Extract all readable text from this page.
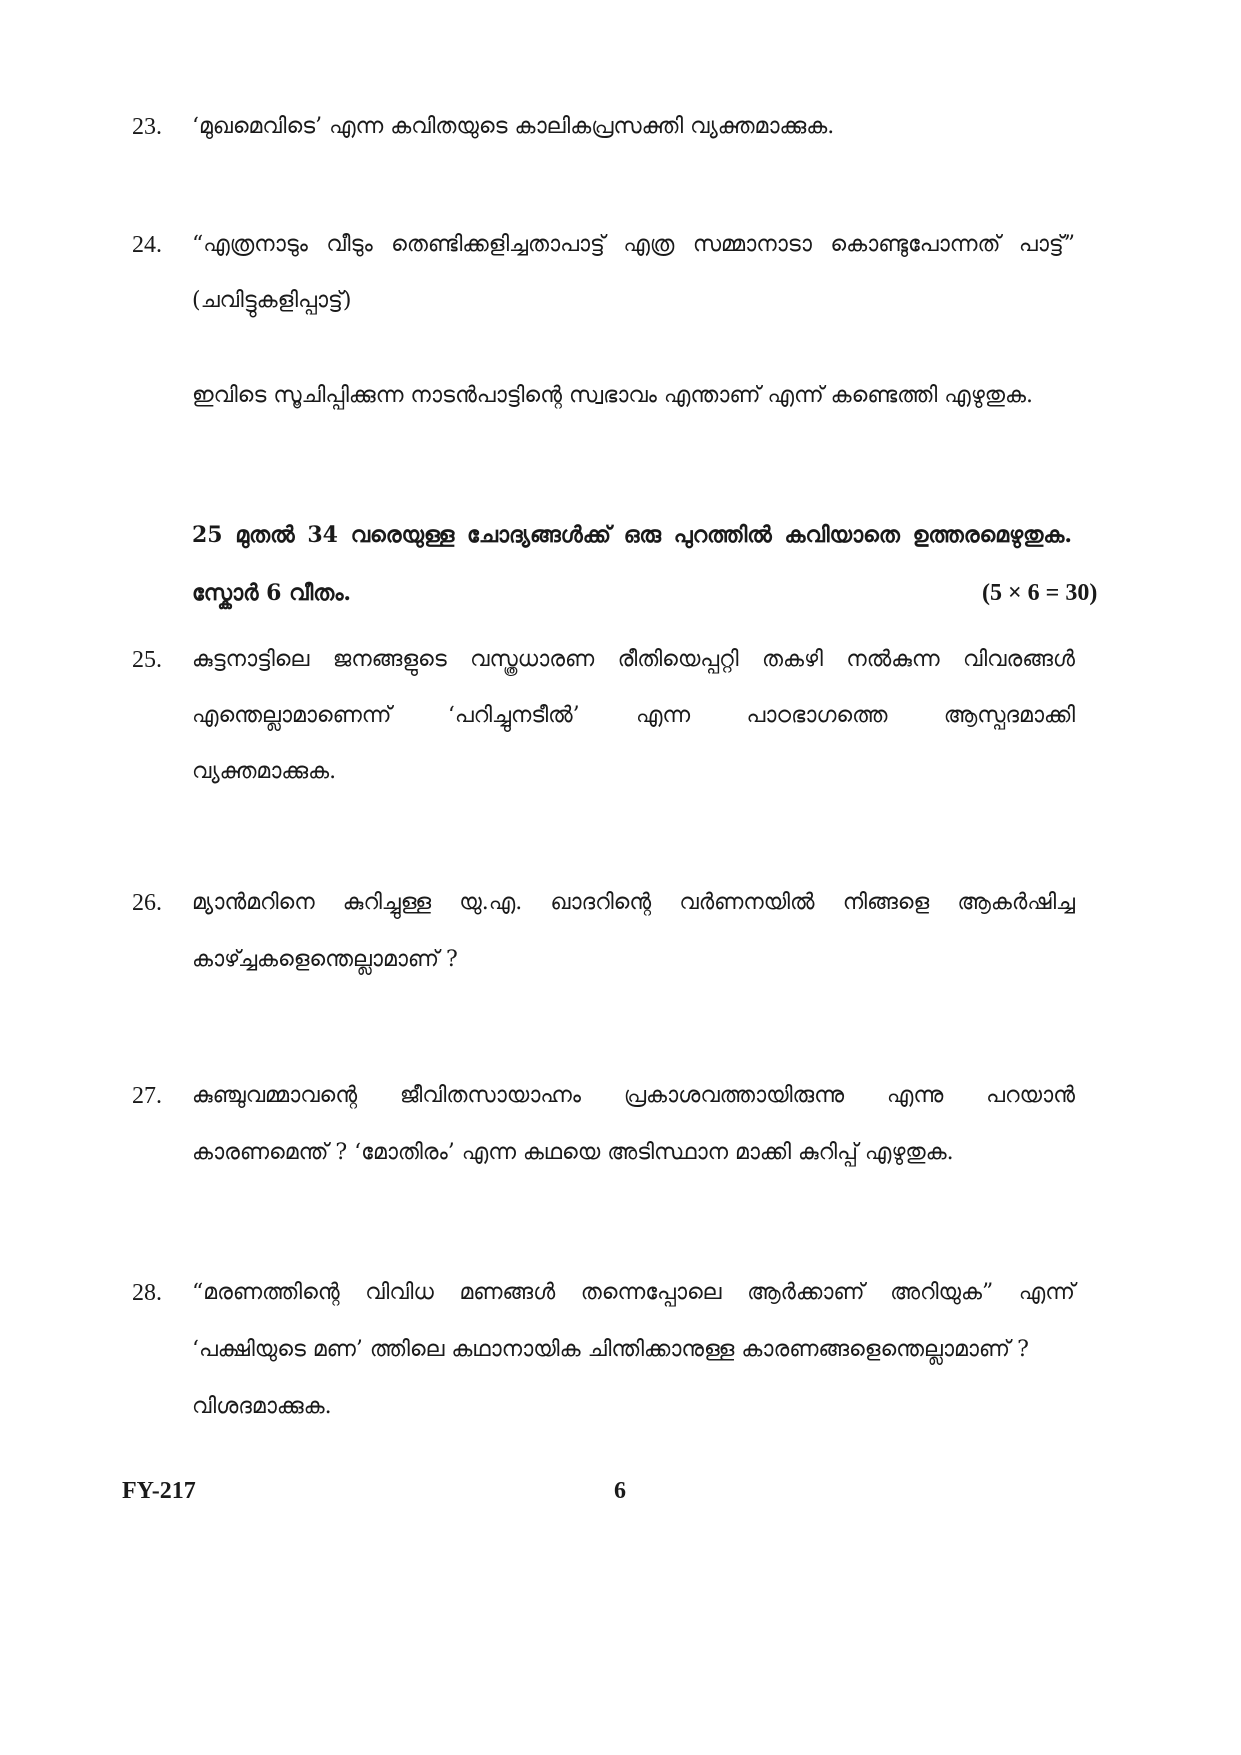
23. ‘മുഖമെവിടെ’ എന്ന കവിതയുടെ കാലികപ്രസക്തി വ്യക്തമാക്കുക.
24. “എത്രനാടും വീടും തെണ്ടിക്കളിച്ചതാപാട്ട് എത്ര സമ്മാനാടാ കൊണ്ടുപോന്നത് പാട്ട്”
(ചവിട്ടുകളിപ്പാട്ട്)
ഇവിടെ സൂചിപ്പിക്കുന്ന നാടൻപാട്ടിന്റെ സ്വഭാവം എന്താണ് എന്ന് കണ്ടെത്തി എഴുതുക.
25 മുതൽ 34 വരെയുള്ള ചോദ്യങ്ങൾക്ക് ഒരു പുറത്തിൽ കവിയാതെ ഉത്തരമെഴുതുക.
സ്കോർ 6 വീതം.	(5 × 6 = 30)
25. കുട്ടനാട്ടിലെ ജനങ്ങളുടെ വസ്ത്രധാരണ രീതിയെപ്പറ്റി തകഴി നൽകുന്ന വിവരങ്ങൾ
എന്തെല്ലാമാണെന്ന് ‘പറിച്ചുനടീൽ’ എന്ന പാഠഭാഗത്തെ ആസ്പദമാക്കി
വ്യക്തമാക്കുക.
26. മ്യാൻമറിനെ കുറിച്ചുള്ള യു.എ. ഖാദറിന്റെ വർണനയിൽ നിങ്ങളെ ആകർഷിച്ച
കാഴ്ച്ചകളെന്തെല്ലാമാണ് ?
27. കുഞ്ചുവമ്മാവന്റെ ജീവിതസായാഹ്നം പ്രകാശവത്തായിരുന്നു എന്നു പറയാൻ
കാരണമെന്ത് ? ‘മോതിരം’ എന്ന കഥയെ അടിസ്ഥാന മാക്കി കുറിപ്പ് എഴുതുക.
28. “മരണത്തിന്റെ വിവിധ മണങ്ങൾ തന്നെപ്പോലെ ആർക്കാണ് അറിയുക” എന്ന്
‘പക്ഷിയുടെ മണ’ ത്തിലെ കഥാനായിക ചിന്തിക്കാനുള്ള കാരണങ്ങളെന്തെല്ലാമാണ് ?
വിശദമാക്കുക.
FY-217	6
